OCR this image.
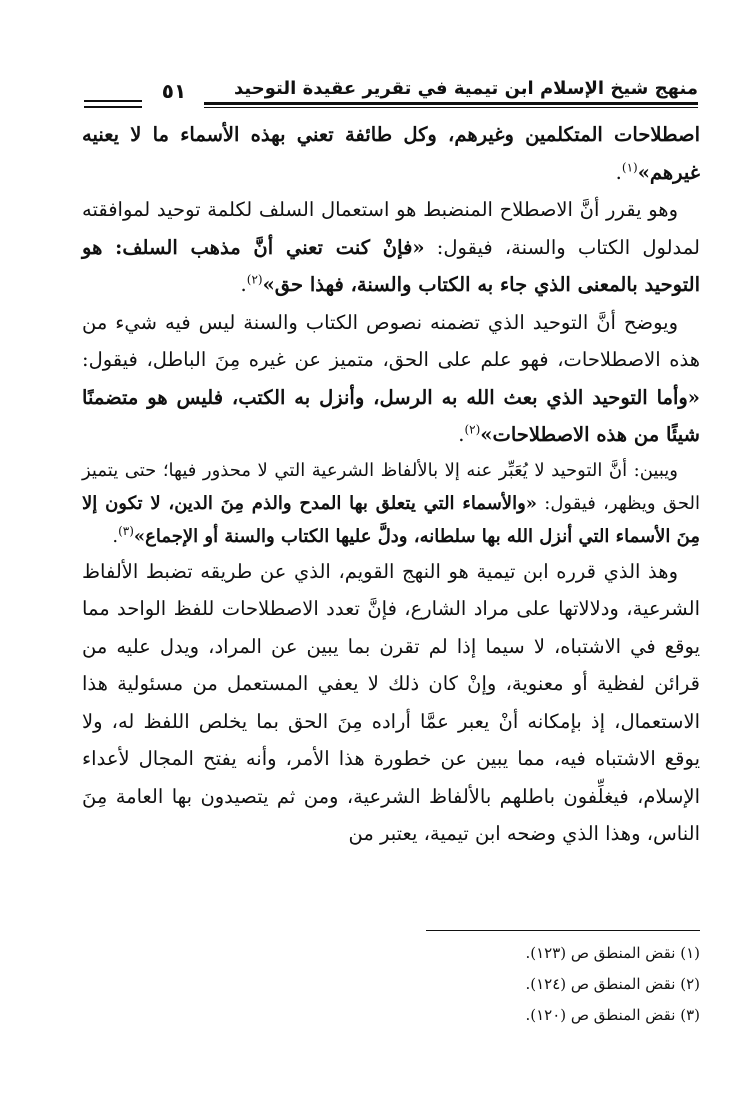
منهج شيخ الإسلام ابن تيمية في تقرير عقيدة التوحيد
٥١

اصطلاحات المتكلمين وغيرهم، وكل طائفة تعني بهذه الأسماء ما لا يعنيه غيرهم»$^{(١)}$.

وهو يقرر أنَّ الاصطلاح المنضبط هو استعمال السلف لكلمة توحيد لموافقته لمدلول الكتاب والسنة، فيقول: «فإنْ كنت تعني أنَّ مذهب السلف: هو التوحيد بالمعنى الذي جاء به الكتاب والسنة، فهذا حق»$^{(٢)}$.

ويوضح أنَّ التوحيد الذي تضمنه نصوص الكتاب والسنة ليس فيه شيء من هذه الاصطلاحات، فهو علم على الحق، متميز عن غيره مِنَ الباطل، فيقول: «وأما التوحيد الذي بعث الله به الرسل، وأنزل به الكتب، فليس هو متضمنًا شيئًا من هذه الاصطلاحات»$^{(٢)}$.

ويبين: أنَّ التوحيد لا يُعَبِّر عنه إلا بالألفاظ الشرعية التي لا محذور فيها؛ حتى يتميز الحق ويظهر، فيقول: «والأسماء التي يتعلق بها المدح والذم مِنَ الدين، لا تكون إلا مِنَ الأسماء التي أنزل الله بها سلطانه، ودلَّ عليها الكتاب والسنة أو الإجماع»$^{(٣)}$.

وهذ الذي قرره ابن تيمية هو النهج القويم، الذي عن طريقه تضبط الألفاظ الشرعية، ودلالاتها على مراد الشارع، فإنَّ تعدد الاصطلاحات للفظ الواحد مما يوقع في الاشتباه، لا سيما إذا لم تقرن بما يبين عن المراد، ويدل عليه من قرائن لفظية أو معنوية، وإنْ كان ذلك لا يعفي المستعمل من مسئولية هذا الاستعمال، إذ بإمكانه أنْ يعبر عمَّا أراده مِنَ الحق بما يخلص اللفظ له، ولا يوقع الاشتباه فيه، مما يبين عن خطورة هذا الأمر، وأنه يفتح المجال لأعداء الإسلام، فيغلِّفون باطلهم بالألفاظ الشرعية، ومن ثم يتصيدون بها العامة مِنَ الناس، وهذا الذي وضحه ابن تيمية، يعتبر من

(١) نقض المنطق ص (١٢٣).
(٢) نقض المنطق ص (١٢٤).
(٣) نقض المنطق ص (١٢٠).
